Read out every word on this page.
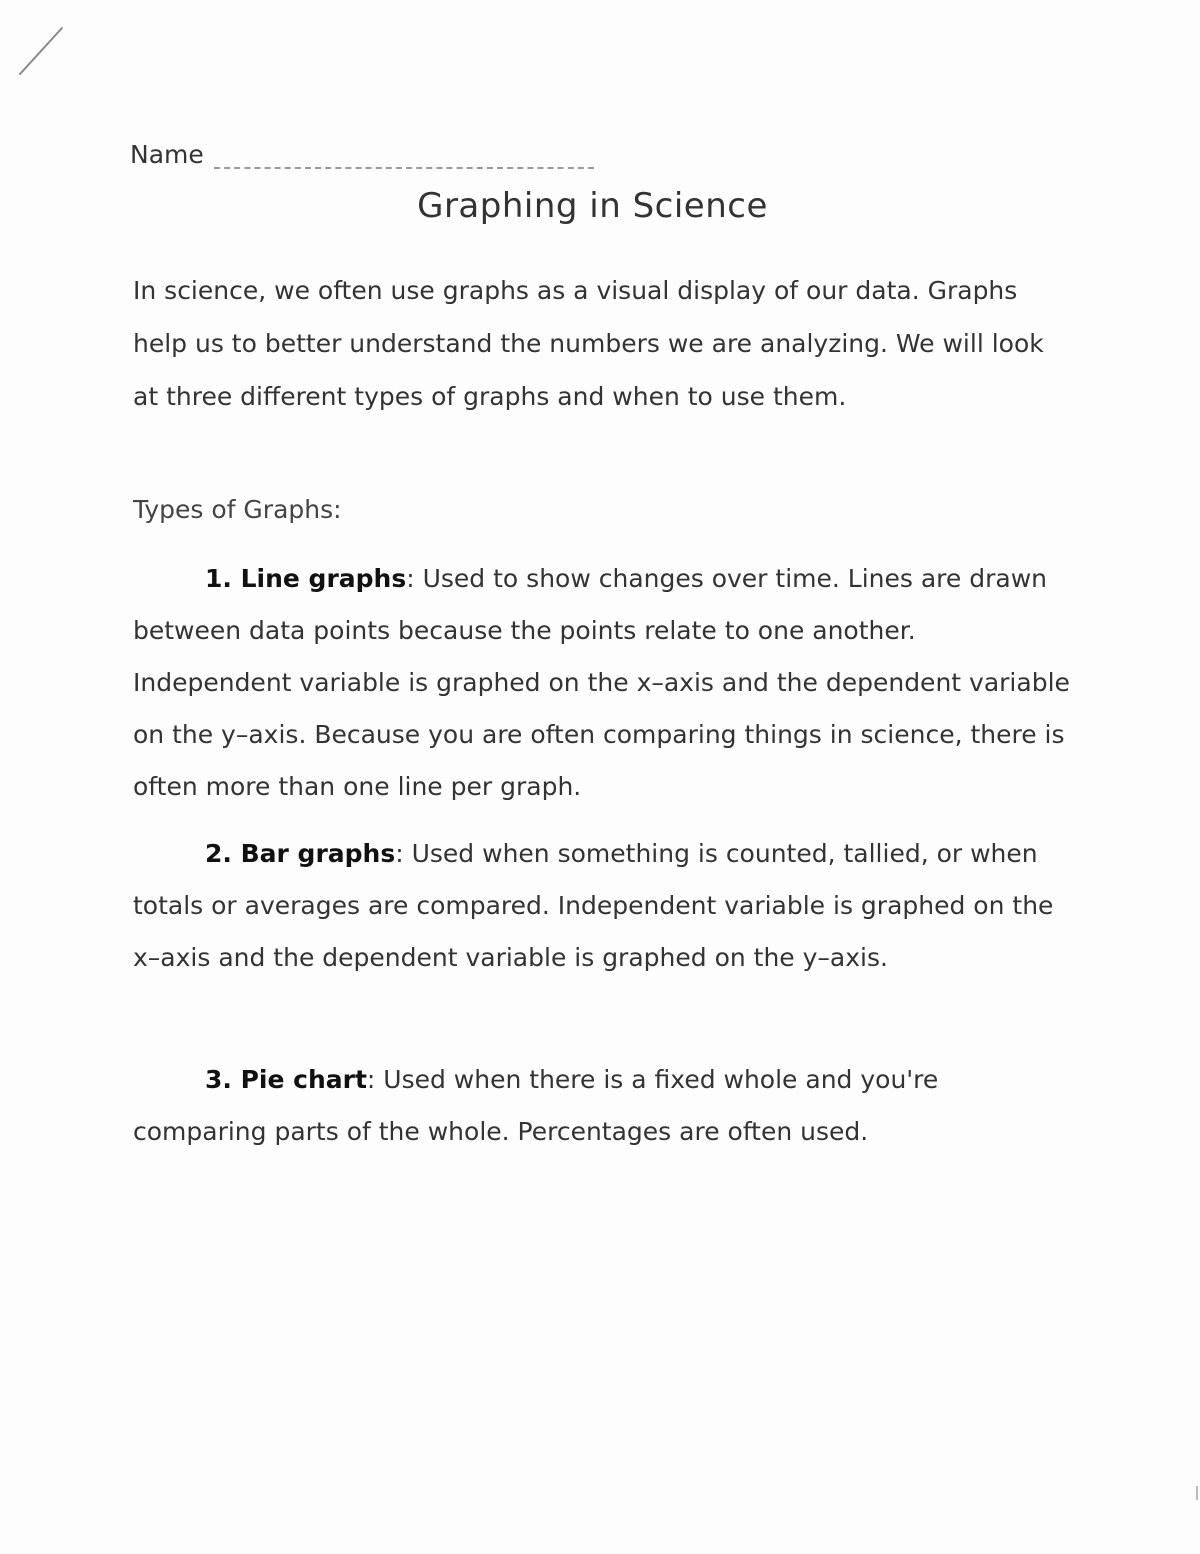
Name
Graphing in Science
In science, we often use graphs as a visual display of our data. Graphs help us to better understand the numbers we are analyzing. We will look at three different types of graphs and when to use them.
Types of Graphs:
1. Line graphs: Used to show changes over time. Lines are drawn between data points because the points relate to one another. Independent variable is graphed on the x–axis and the dependent variable on the y–axis. Because you are often comparing things in science, there is often more than one line per graph.
2. Bar graphs: Used when something is counted, tallied, or when totals or averages are compared. Independent variable is graphed on the x–axis and the dependent variable is graphed on the y–axis.
3. Pie chart: Used when there is a fixed whole and you're comparing parts of the whole. Percentages are often used.
